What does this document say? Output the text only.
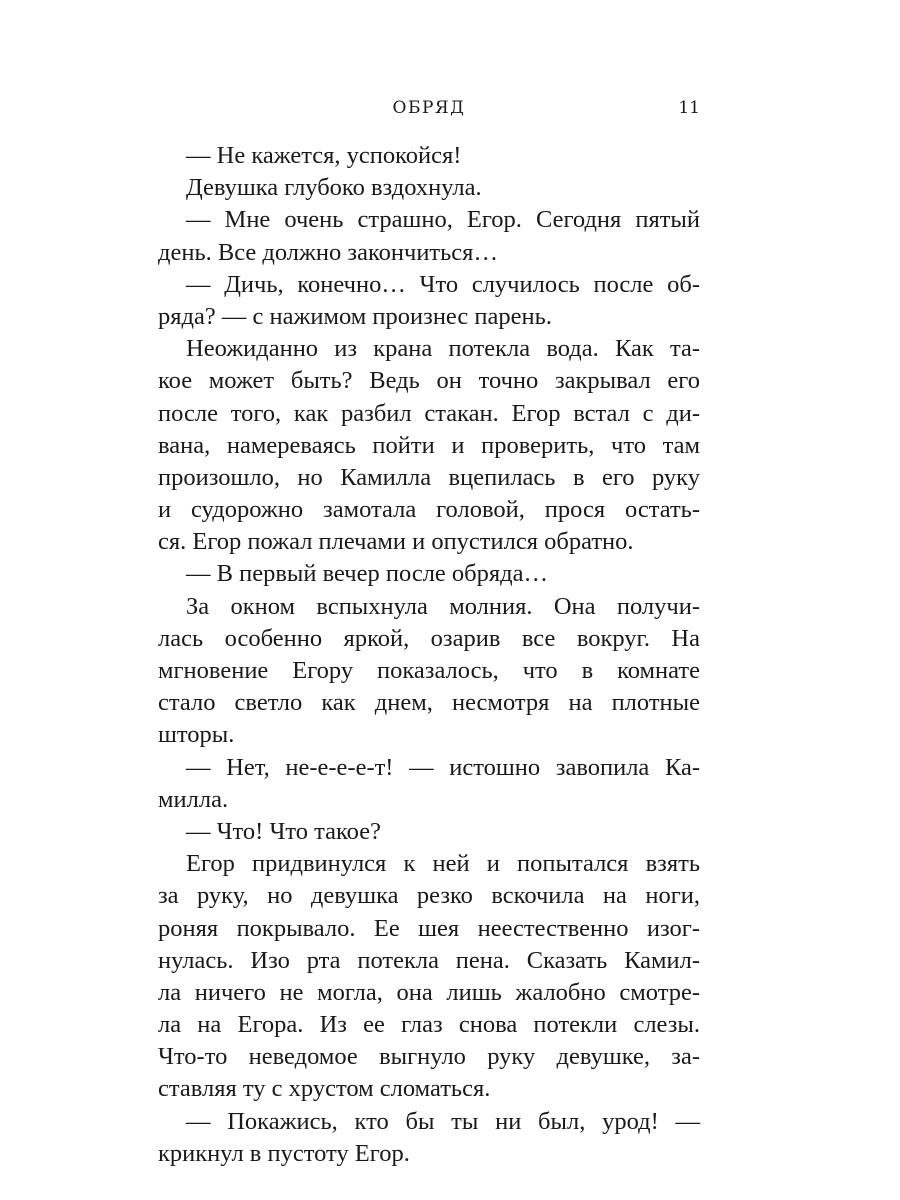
ОБРЯД	11
— Не кажется, успокойся!
Девушка глубоко вздохнула.
— Мне очень страшно, Егор. Сегодня пятый
день. Все должно закончиться…
— Дичь, конечно… Что случилось после об-
ряда? — с нажимом произнес парень.
Неожиданно из крана потекла вода. Как та-
кое может быть? Ведь он точно закрывал его
после того, как разбил стакан. Егор встал с ди-
вана, намереваясь пойти и проверить, что там
произошло, но Камилла вцепилась в его руку
и судорожно замотала головой, прося остать-
ся. Егор пожал плечами и опустился обратно.
— В первый вечер после обряда…
За окном вспыхнула молния. Она получи-
лась особенно яркой, озарив все вокруг. На
мгновение Егору показалось, что в комнате
стало светло как днем, несмотря на плотные
шторы.
— Нет, не-е-е-е-т! — истошно завопила Ка-
милла.
— Что! Что такое?
Егор придвинулся к ней и попытался взять
за руку, но девушка резко вскочила на ноги,
роняя покрывало. Ее шея неестественно изог-
нулась. Изо рта потекла пена. Сказать Камил-
ла ничего не могла, она лишь жалобно смотре-
ла на Егора. Из ее глаз снова потекли слезы.
Что-то неведомое выгнуло руку девушке, за-
ставляя ту с хрустом сломаться.
— Покажись, кто бы ты ни был, урод! —
крикнул в пустоту Егор.
